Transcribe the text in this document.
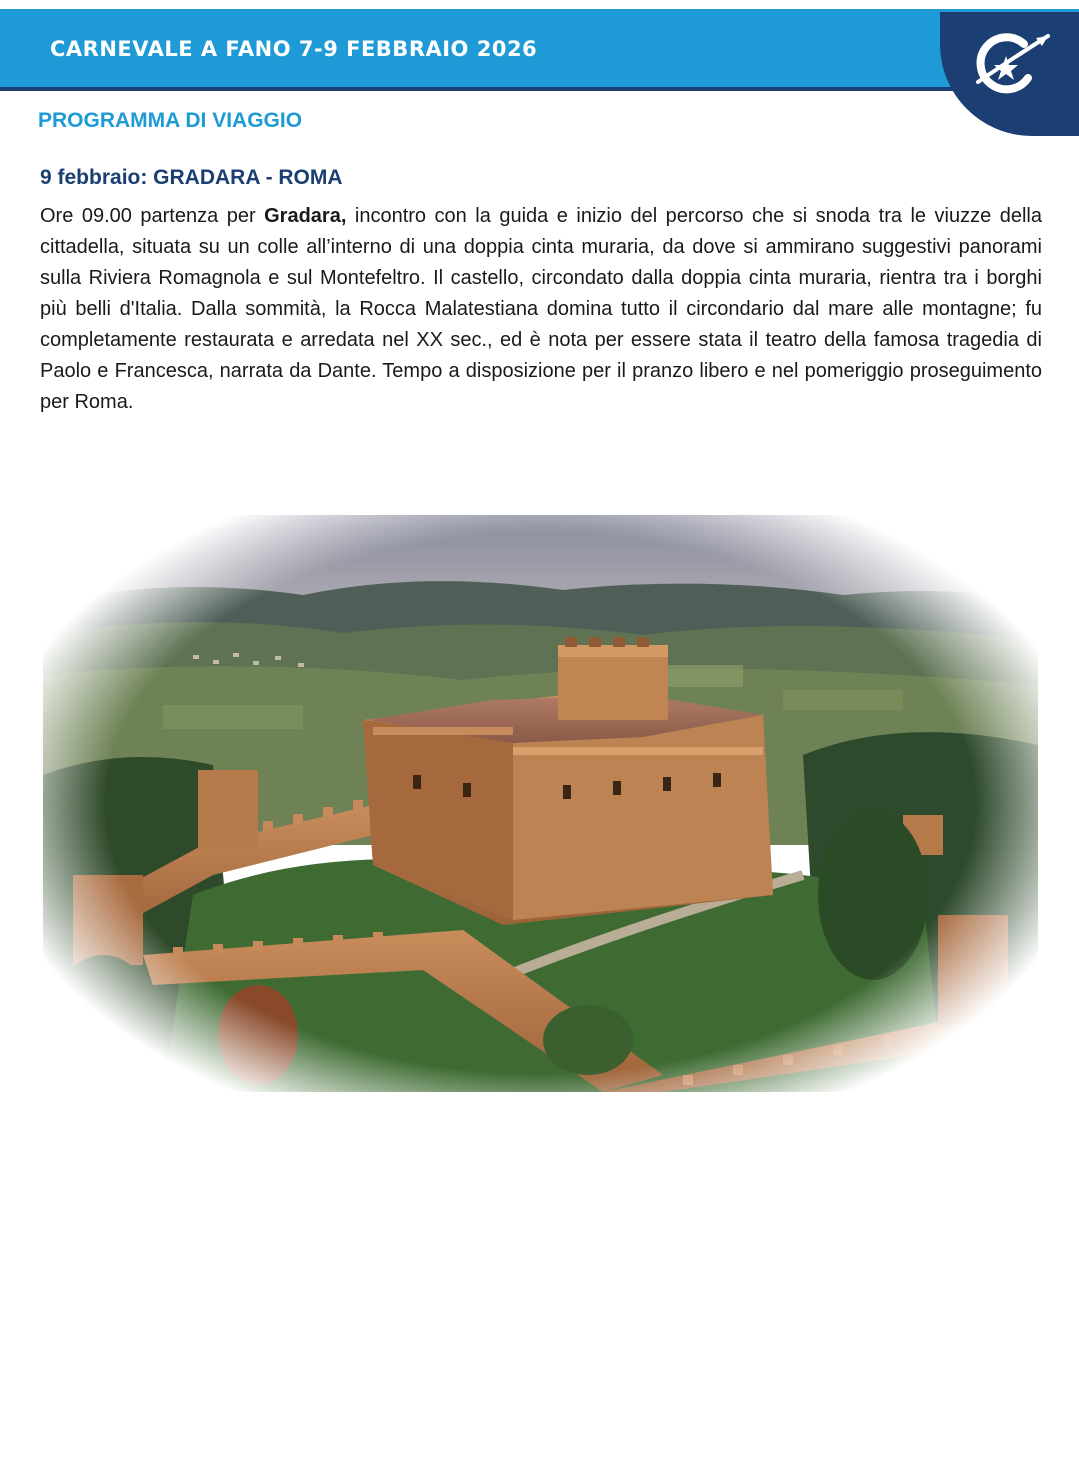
CARNEVALE A FANO 7-9 FEBBRAIO 2026
PROGRAMMA DI VIAGGIO
9 febbraio: GRADARA - ROMA

Ore 09.00 partenza per Gradara, incontro con la guida e inizio del percorso che si snoda tra le viuzze della cittadella, situata su un colle all’interno di una doppia cinta muraria, da dove si ammirano suggestivi panorami sulla Riviera Romagnola e sul Montefeltro. Il castello, circondato dalla doppia cinta muraria, rientra tra i borghi più belli d'Italia. Dalla sommità, la Rocca Malatestiana domina tutto il circondario dal mare alle montagne; fu completamente restaurata e arredata nel XX sec., ed è nota per essere stata il teatro della famosa tragedia di Paolo e Francesca, narrata da Dante. Tempo a disposizione per il pranzo libero e nel pomeriggio proseguimento per Roma.
